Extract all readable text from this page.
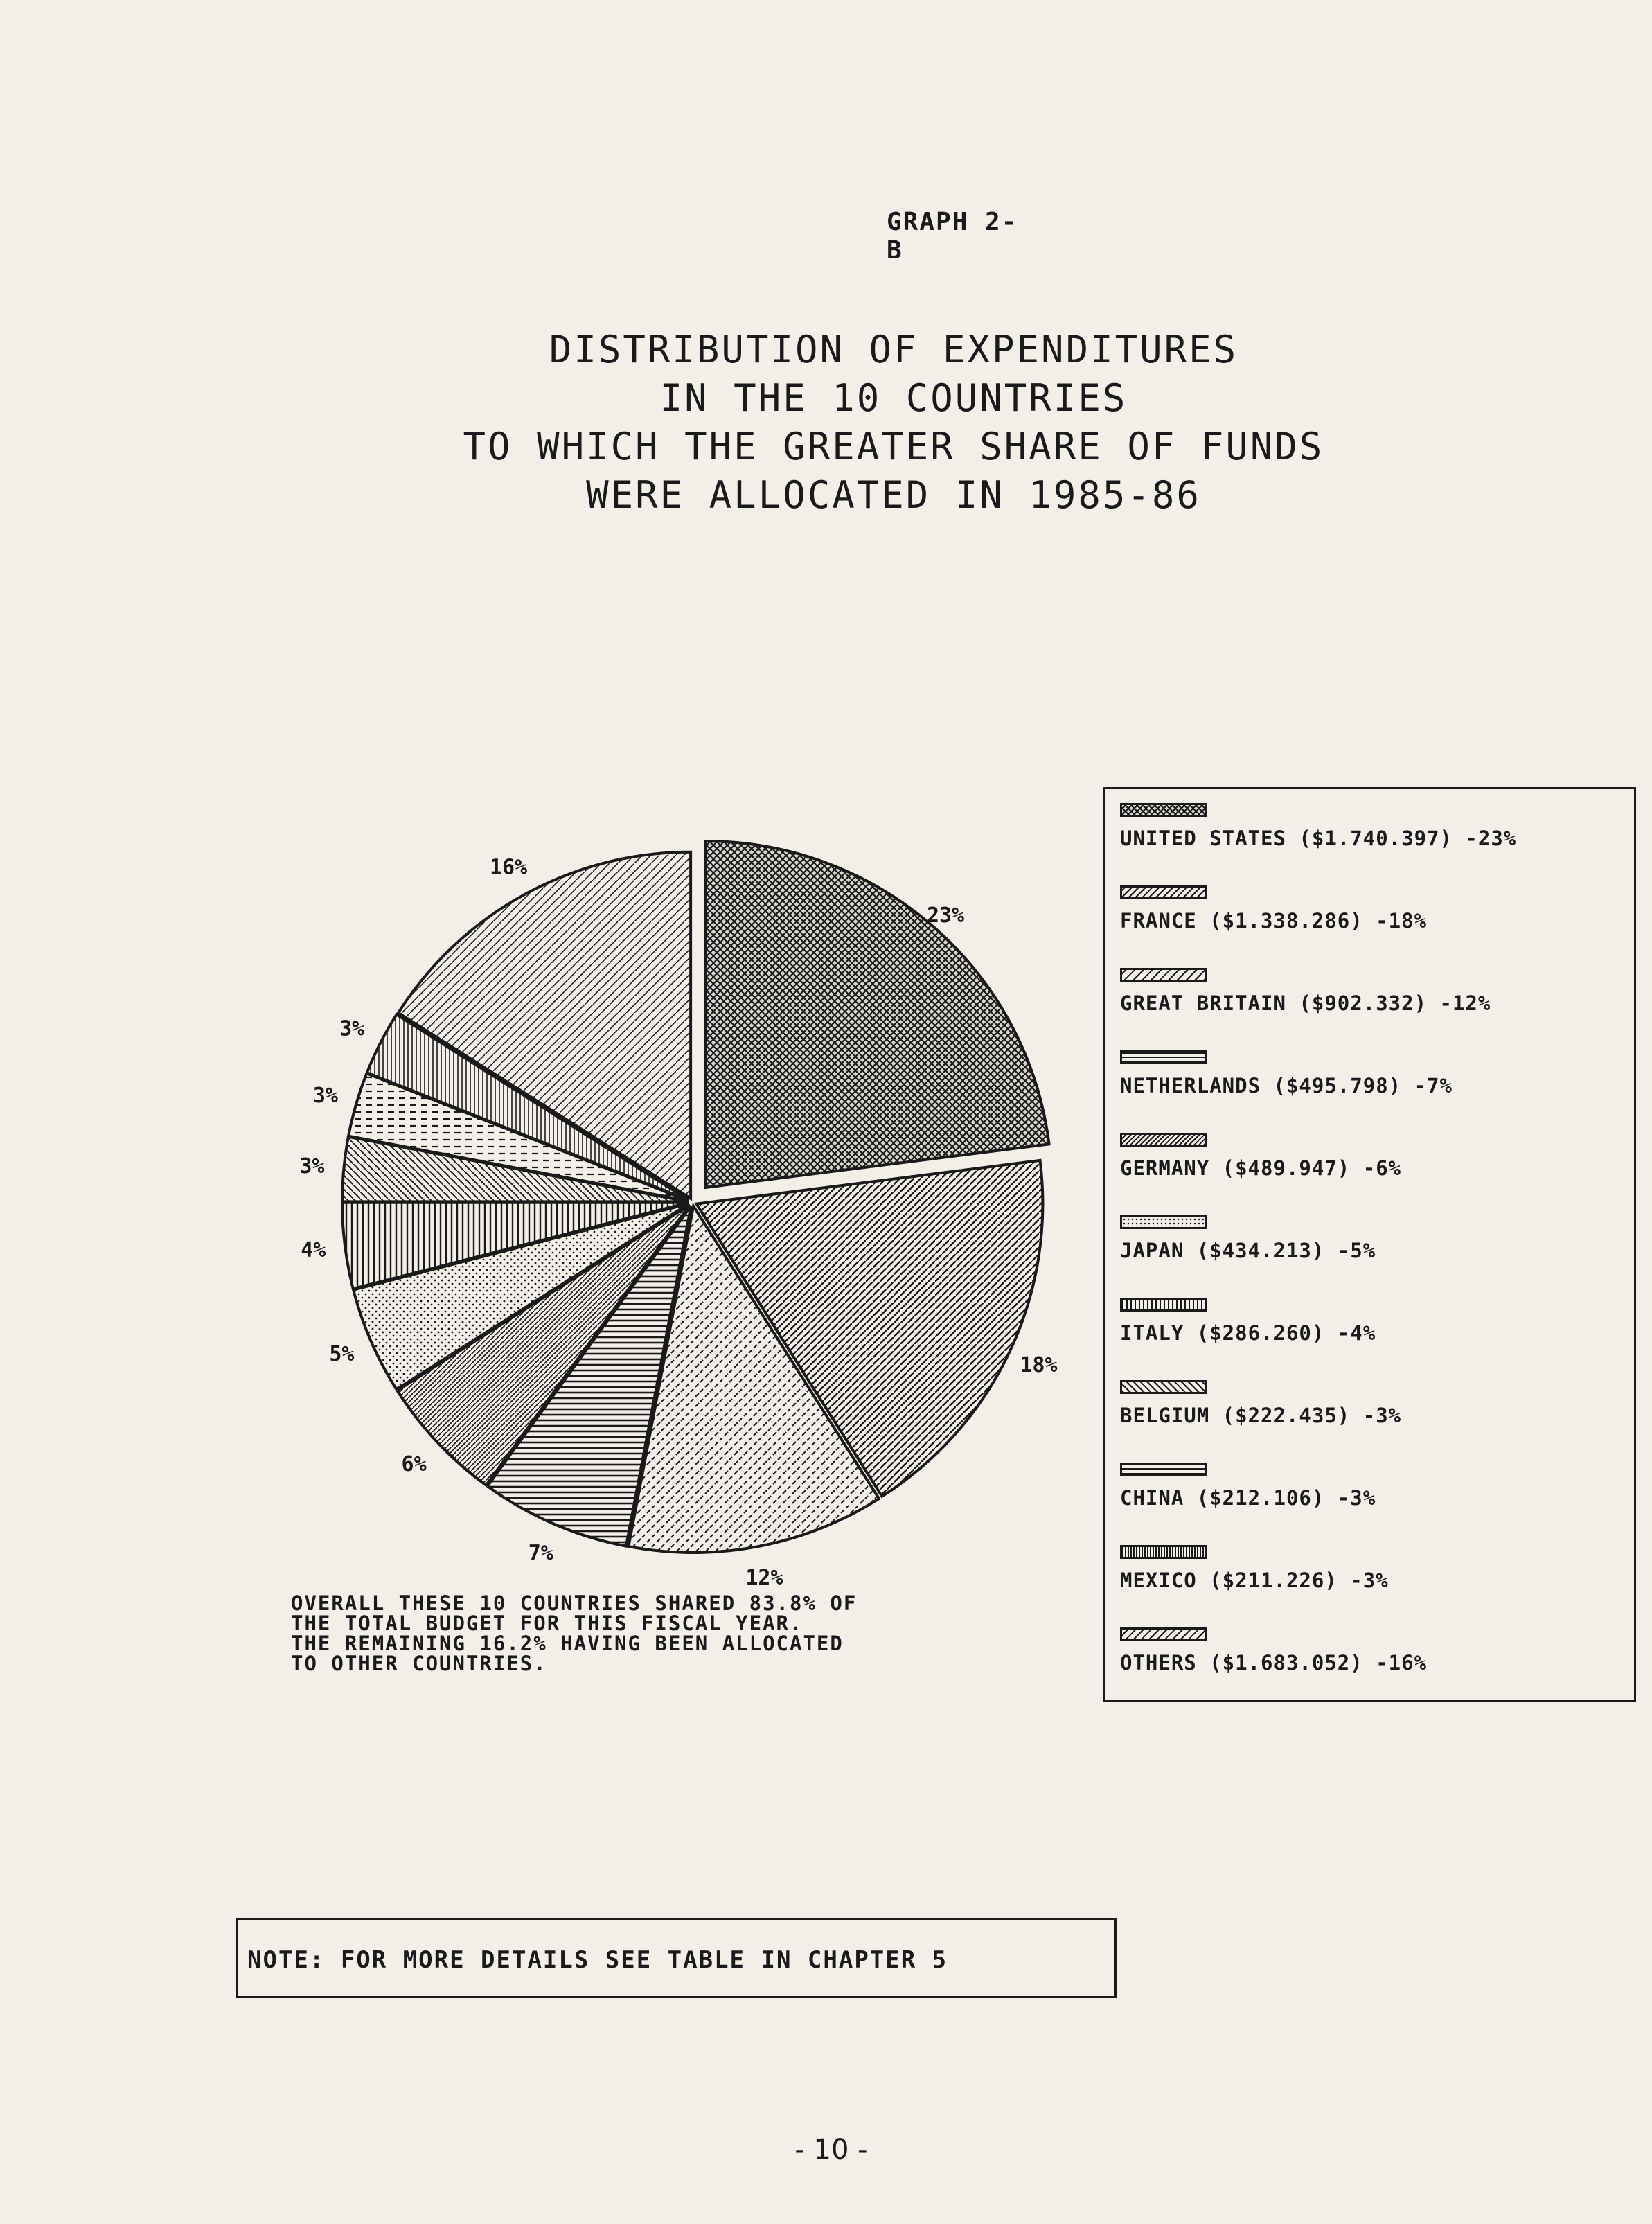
GRAPH 2-B
DISTRIBUTION OF EXPENDITURES
IN THE 10 COUNTRIES
TO WHICH THE GREATER SHARE OF FUNDS
WERE ALLOCATED IN 1985-86
23%
18%
12%
7%
6%
5%
4%
3%
3%
3%
16%
UNITED STATES ($1.740.397) -23%
FRANCE ($1.338.286) -18%
GREAT BRITAIN ($902.332) -12%
NETHERLANDS ($495.798) -7%
GERMANY ($489.947) -6%
JAPAN ($434.213) -5%
ITALY ($286.260) -4%
BELGIUM ($222.435) -3%
CHINA ($212.106) -3%
MEXICO ($211.226) -3%
OTHERS ($1.683.052) -16%
OVERALL THESE 10 COUNTRIES SHARED 83.8% OF
THE TOTAL BUDGET FOR THIS FISCAL YEAR.
THE REMAINING 16.2% HAVING BEEN ALLOCATED
TO OTHER COUNTRIES.
NOTE: FOR MORE DETAILS SEE TABLE IN CHAPTER 5
- 10 -
